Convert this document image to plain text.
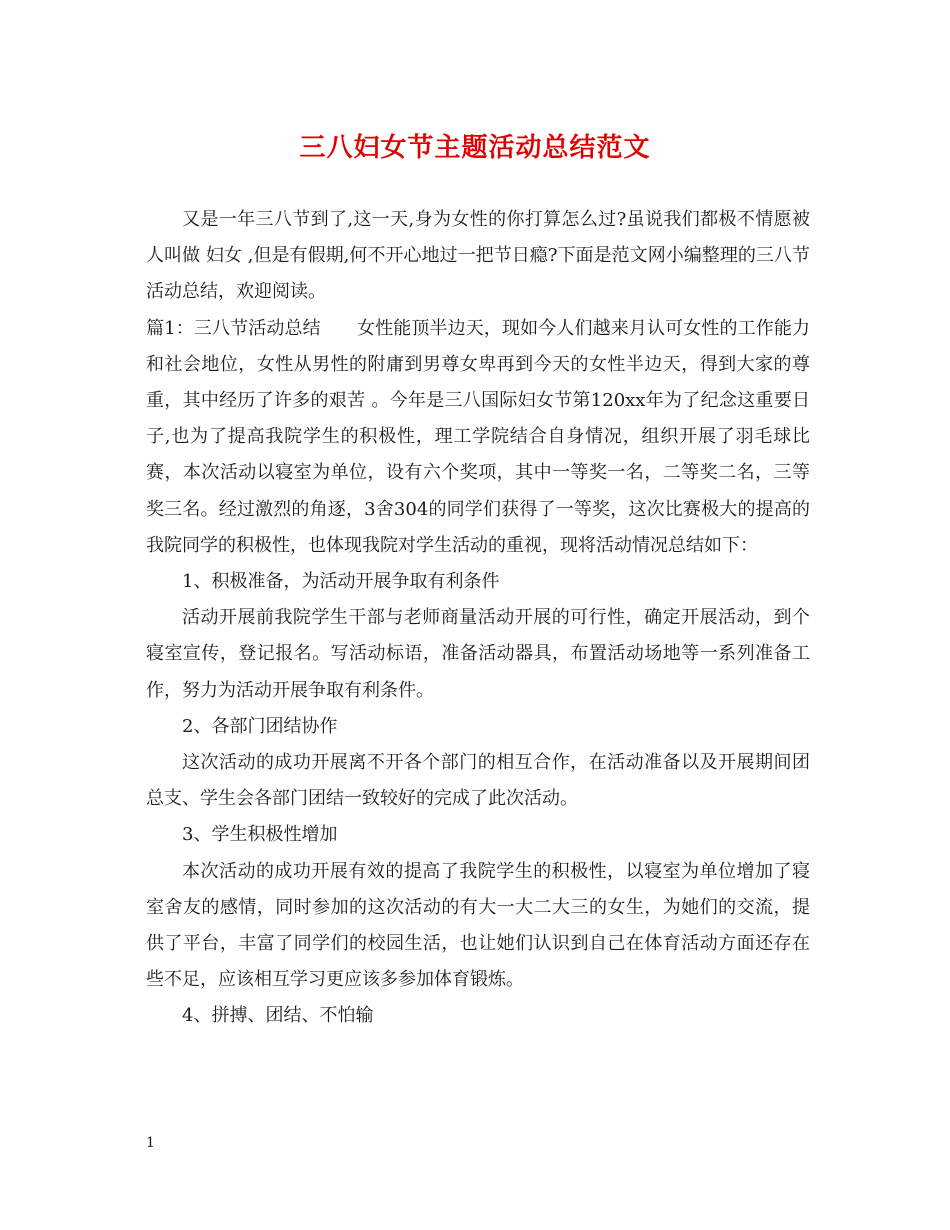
三八妇女节主题活动总结范文

又是一年三八节到了,这一天,身为女性的你打算怎么过?虽说我们都极不情愿被人叫做 妇女 ,但是有假期,何不开心地过一把节日瘾?下面是范文网小编整理的三八节活动总结，欢迎阅读。

篇1：三八节活动总结　　女性能顶半边天，现如今人们越来月认可女性的工作能力和社会地位，女性从男性的附庸到男尊女卑再到今天的女性半边天，得到大家的尊重，其中经历了许多的艰苦 。今年是三八国际妇女节第120xx年为了纪念这重要日子,也为了提高我院学生的积极性，理工学院结合自身情况，组织开展了羽毛球比赛，本次活动以寝室为单位，设有六个奖项，其中一等奖一名，二等奖二名，三等奖三名。经过激烈的角逐，3舍304的同学们获得了一等奖，这次比赛极大的提高的我院同学的积极性，也体现我院对学生活动的重视，现将活动情况总结如下：

1、积极准备，为活动开展争取有利条件

活动开展前我院学生干部与老师商量活动开展的可行性，确定开展活动，到个寝室宣传，登记报名。写活动标语，准备活动器具，布置活动场地等一系列准备工作，努力为活动开展争取有利条件。

2、各部门团结协作

这次活动的成功开展离不开各个部门的相互合作，在活动准备以及开展期间团总支、学生会各部门团结一致较好的完成了此次活动。

3、学生积极性增加

本次活动的成功开展有效的提高了我院学生的积极性，以寝室为单位增加了寝室舍友的感情，同时参加的这次活动的有大一大二大三的女生，为她们的交流，提供了平台，丰富了同学们的校园生活，也让她们认识到自己在体育活动方面还存在些不足，应该相互学习更应该多参加体育锻炼。

4、拼搏、团结、不怕输

1
